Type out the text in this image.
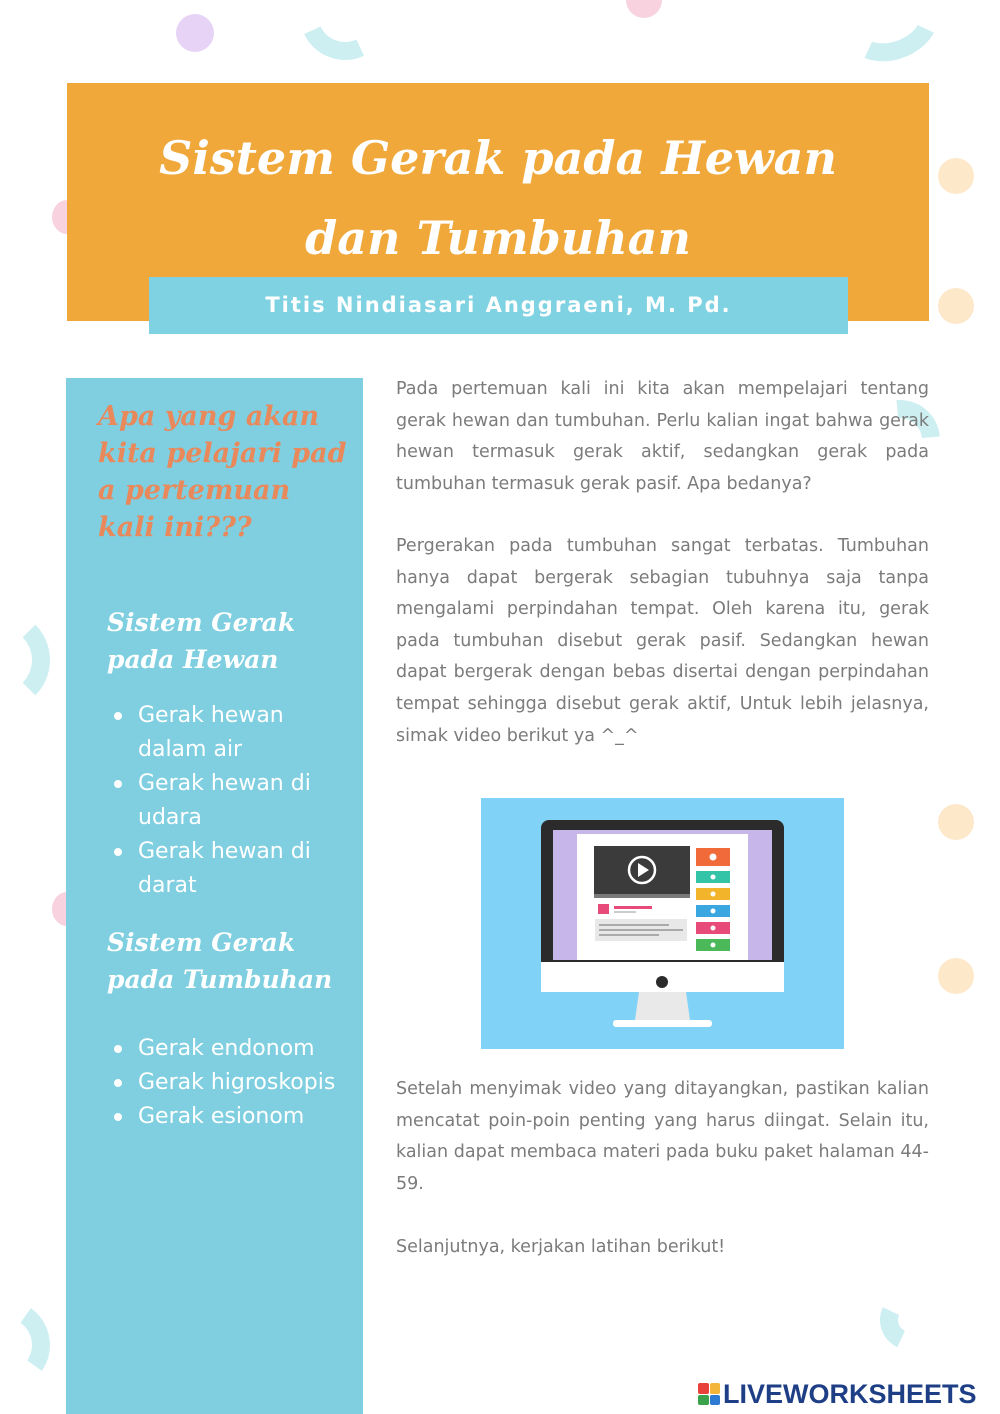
Sistem Gerak pada Hewan
dan Tumbuhan
Titis Nindiasari Anggraeni, M. Pd.
Apa yang akan kita pelajari pad a pertemuan kali ini???
Sistem Gerak pada Hewan
Gerak hewan dalam air
Gerak hewan di udara
Gerak hewan di darat
Sistem Gerak pada Tumbuhan
Gerak endonom
Gerak higroskopis
Gerak esionom

Pada pertemuan kali ini kita akan mempelajari tentang gerak hewan dan tumbuhan. Perlu kalian ingat bahwa gerak hewan termasuk gerak aktif, sedangkan gerak pada tumbuhan termasuk gerak pasif. Apa bedanya?

Pergerakan pada tumbuhan sangat terbatas. Tumbuhan hanya dapat bergerak sebagian tubuhnya saja tanpa mengalami perpindahan tempat. Oleh karena itu, gerak pada tumbuhan disebut gerak pasif. Sedangkan hewan dapat bergerak dengan bebas disertai dengan perpindahan tempat sehingga disebut gerak aktif, Untuk lebih jelasnya, simak video berikut ya ^_^

Setelah menyimak video yang ditayangkan, pastikan kalian mencatat poin-poin penting yang harus diingat. Selain itu, kalian dapat membaca materi pada buku paket halaman 44-59.

Selanjutnya, kerjakan latihan berikut!

LIVEWORKSHEETS
